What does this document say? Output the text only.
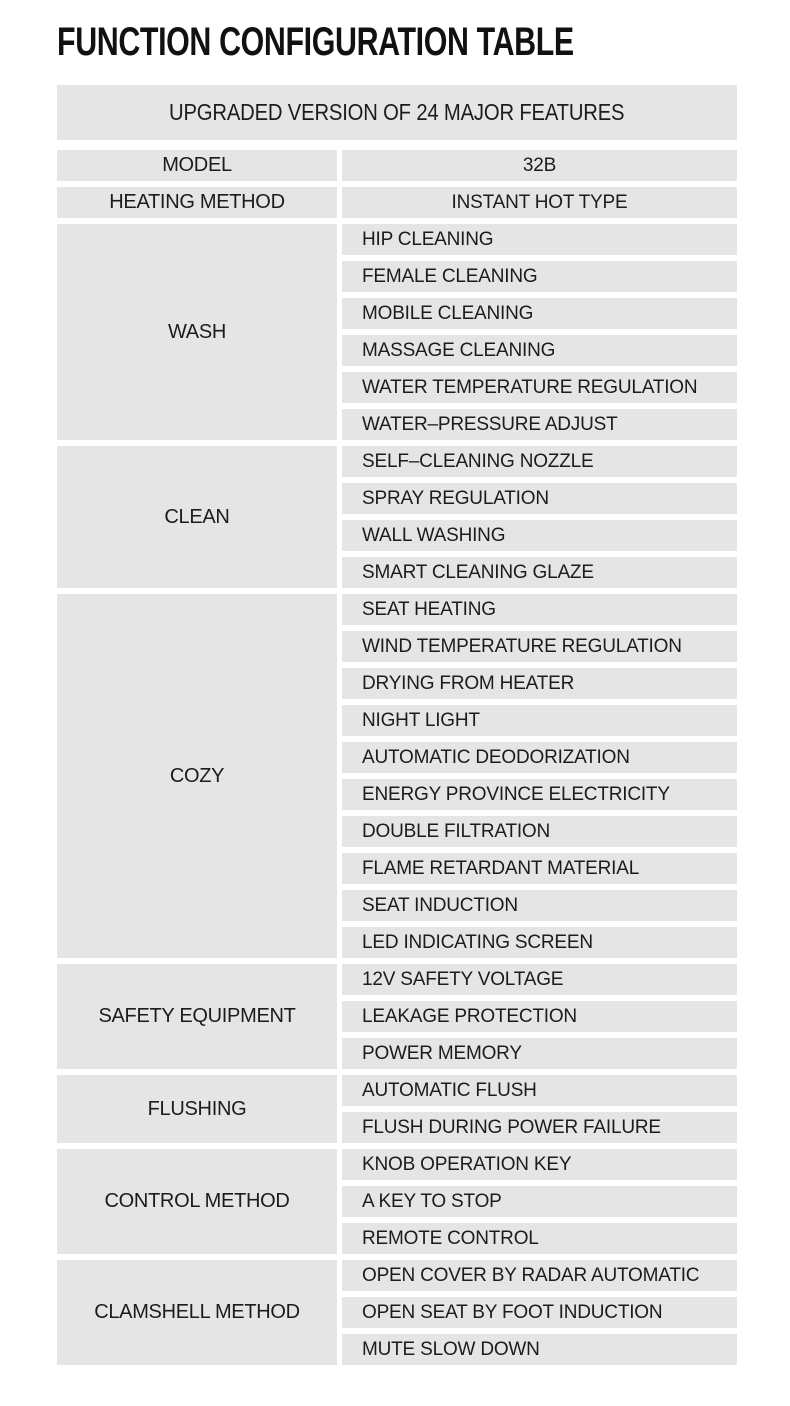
FUNCTION CONFIGURATION TABLE
UPGRADED VERSION OF 24 MAJOR FEATURES
MODEL	32B
HEATING METHOD	INSTANT HOT TYPE
WASH
HIP CLEANING
FEMALE CLEANING
MOBILE CLEANING
MASSAGE CLEANING
WATER TEMPERATURE REGULATION
WATER–PRESSURE ADJUST
CLEAN
SELF–CLEANING NOZZLE
SPRAY REGULATION
WALL WASHING
SMART CLEANING GLAZE
COZY
SEAT HEATING
WIND TEMPERATURE REGULATION
DRYING FROM HEATER
NIGHT LIGHT
AUTOMATIC DEODORIZATION
ENERGY PROVINCE ELECTRICITY
DOUBLE FILTRATION
FLAME RETARDANT MATERIAL
SEAT INDUCTION
LED INDICATING SCREEN
SAFETY EQUIPMENT
12V SAFETY VOLTAGE
LEAKAGE PROTECTION
POWER MEMORY
FLUSHING
AUTOMATIC FLUSH
FLUSH DURING POWER FAILURE
CONTROL METHOD
KNOB OPERATION KEY
A KEY TO STOP
REMOTE CONTROL
CLAMSHELL METHOD
OPEN COVER BY RADAR AUTOMATIC
OPEN SEAT BY FOOT INDUCTION
MUTE SLOW DOWN
